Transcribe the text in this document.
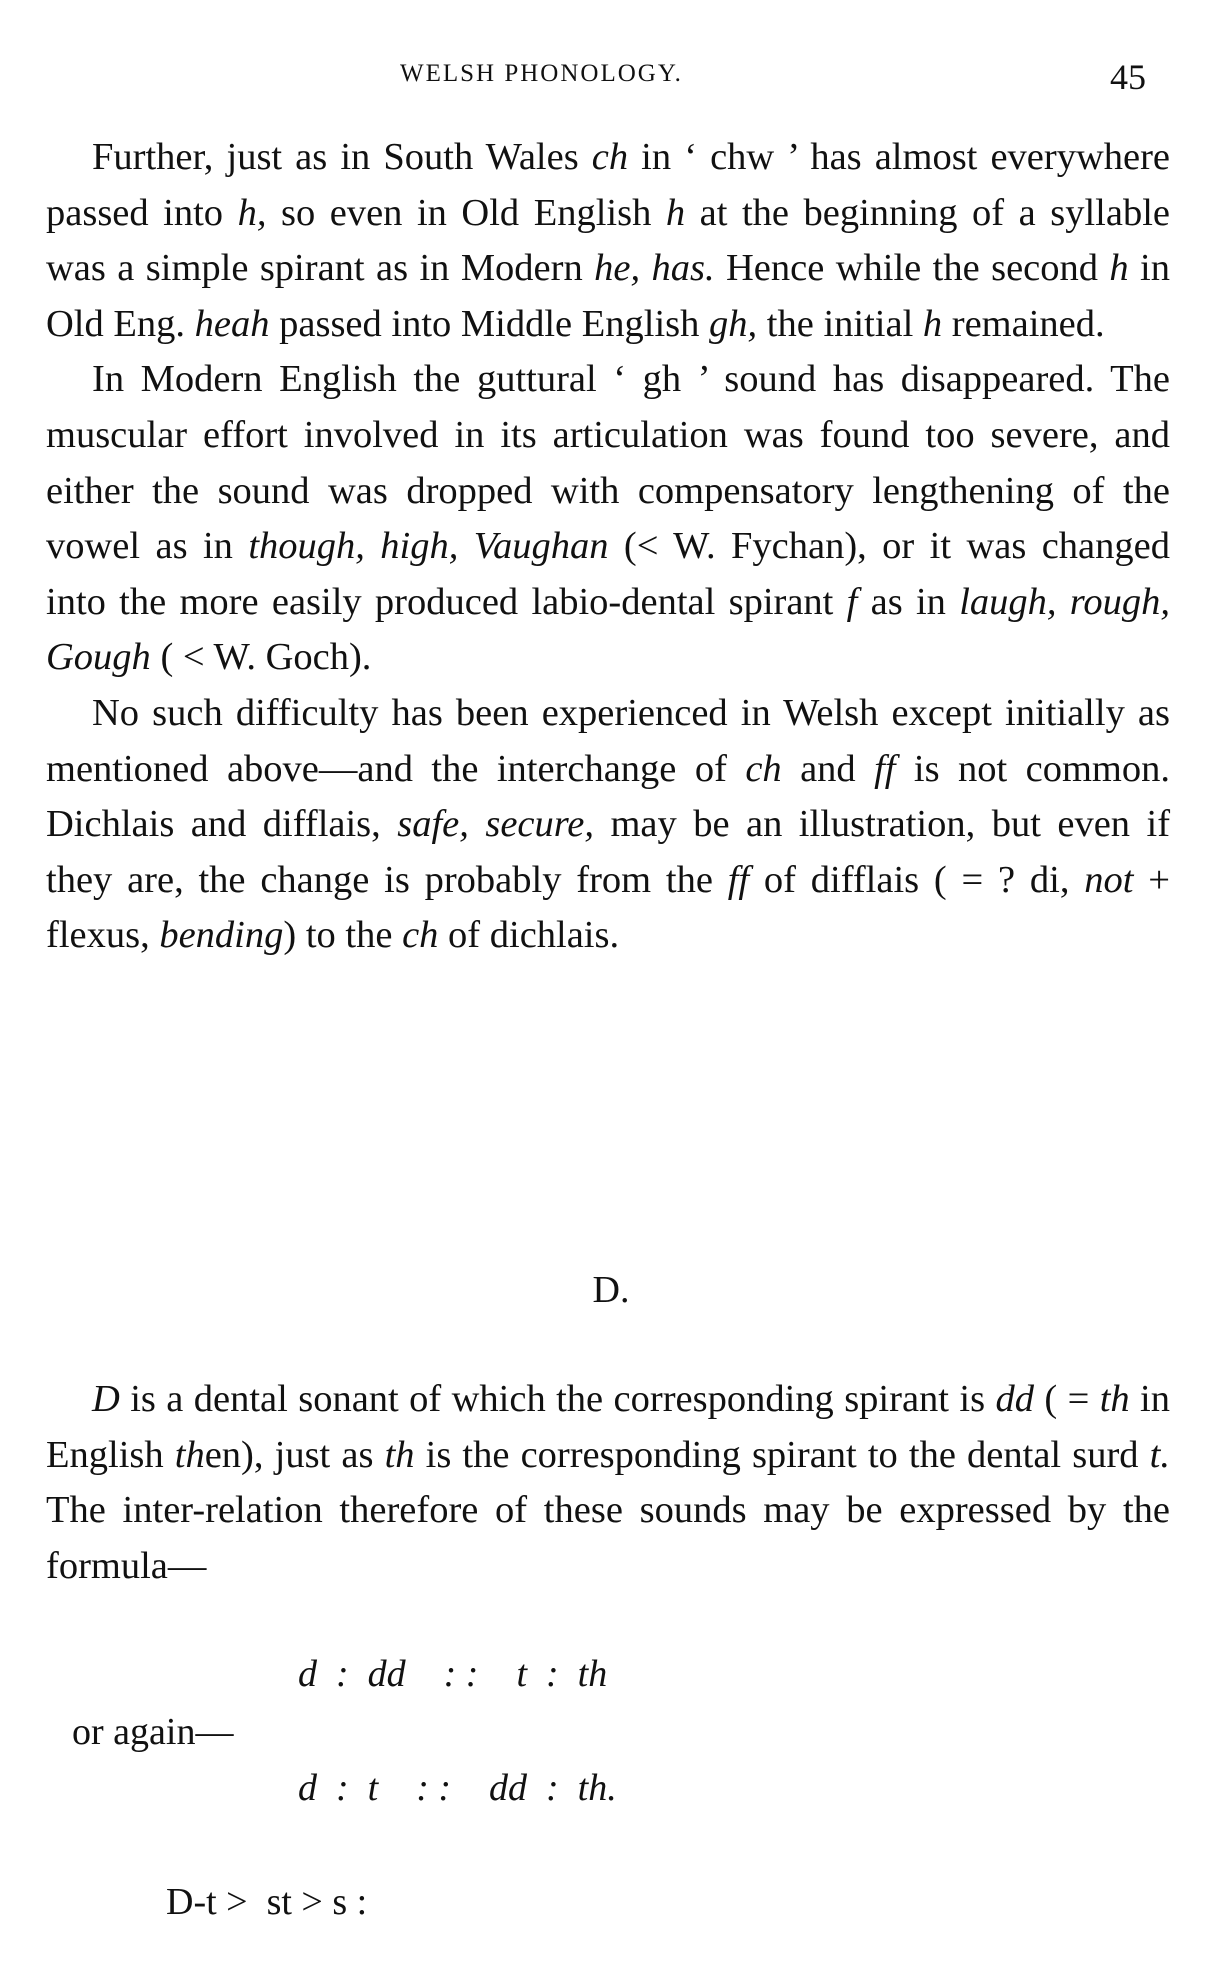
WELSH PHONOLOGY.	45

Further, just as in South Wales ch in ‘ chw ’ has almost everywhere passed into h, so even in Old English h at the beginning of a syllable was a simple spirant as in Modern he, has. Hence while the second h in Old Eng. heah passed into Middle English gh, the initial h remained.

In Modern English the guttural ‘ gh ’ sound has disappeared. The muscular effort involved in its articulation was found too severe, and either the sound was dropped with compensatory lengthening of the vowel as in though, high, Vaughan (< W. Fychan), or it was changed into the more easily produced labio-dental spirant f as in laugh, rough, Gough ( < W. Goch).

No such difficulty has been experienced in Welsh except initially as mentioned above—and the interchange of ch and ff is not common. Dichlais and difflais, safe, secure, may be an illustration, but even if they are, the change is probably from the ff of difflais ( = ? di, not + flexus, bending) to the ch of dichlais.

D.

D is a dental sonant of which the corresponding spirant is dd ( = th in English then), just as th is the corresponding spirant to the dental surd t. The inter-relation therefore of these sounds may be expressed by the formula—

d  :  dd    : :    t  :  th
or again—
d  :  t    : :    dd  :  th.
D-t >  st > s :
